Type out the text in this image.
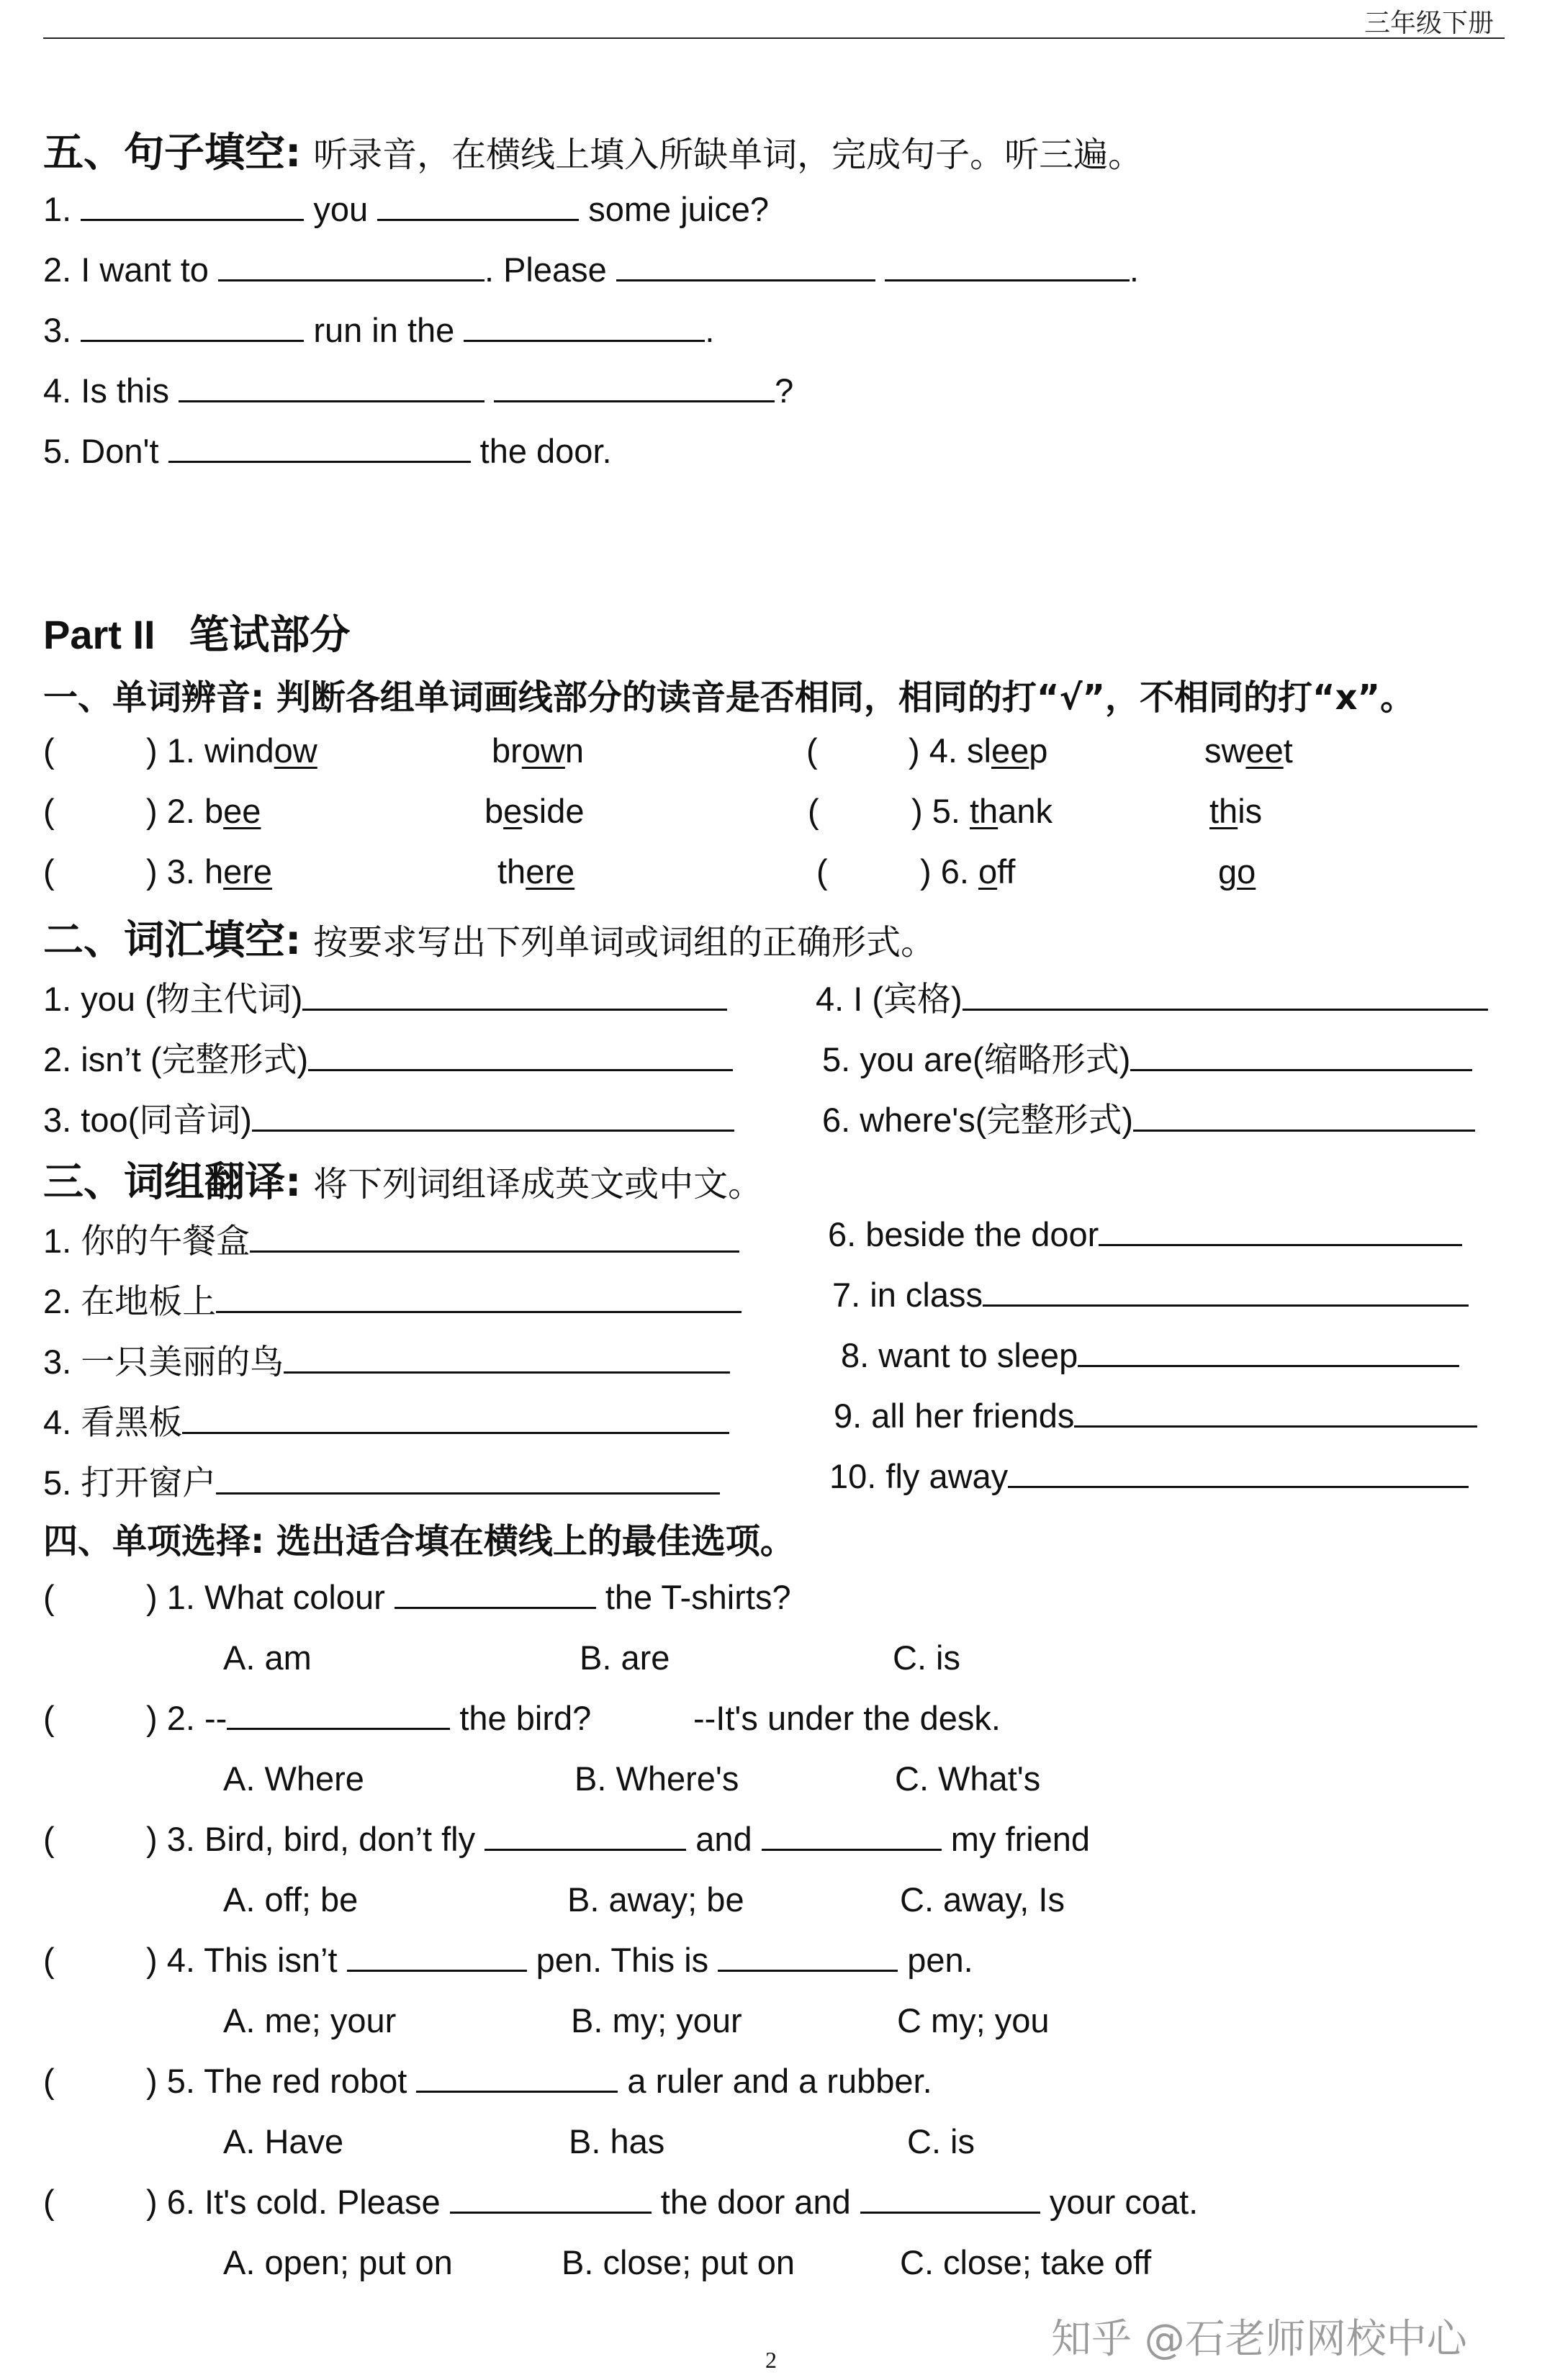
三年级下册
五、句子填空: 听录音，在横线上填入所缺单词，完成句子。听三遍。
1.	you	some juice?
2. I want to	. Please	.
3.	run in the	.
4. Is this	?
5. Don't	the door.
Part II 笔试部分
一、单词辨音: 判断各组单词画线部分的读音是否相同，相同的打“√”，不相同的打“x”。
(	) 1. window	brown	(	) 4. sleep	sweet
(	) 2. bee	beside	(	) 5. thank	this
(	) 3. here	there	(	) 6. off	go
二、词汇填空: 按要求写出下列单词或词组的正确形式。
1. you (物主代词)	4. I (宾格)
2. isn’t (完整形式)	5. you are(缩略形式)
3. too(同音词)	6. where's(完整形式)
三、词组翻译: 将下列词组译成英文或中文。
1. 你的午餐盒	6. beside the door
2. 在地板上	7. in class
3. 一只美丽的鸟	8. want to sleep
4. 看黑板	9. all her friends
5. 打开窗户	10. fly away
四、单项选择: 选出适合填在横线上的最佳选项。
(	) 1. What colour	the T-shirts?
A. am	B. are	C. is
(	) 2. --	the bird?	--It's under the desk.
A. Where	B. Where's	C. What's
(	) 3. Bird, bird, don’t fly	and	my friend
A. off; be	B. away; be	C. away, Is
(	) 4. This isn’t	pen. This is	pen.
A. me; your	B. my; your	C my; you
(	) 5. The red robot	a ruler and a rubber.
A. Have	B. has	C. is
(	) 6. It's cold. Please	the door and	your coat.
A. open; put on	B. close; put on	C. close; take off
2	知乎 @石老师网校中心
